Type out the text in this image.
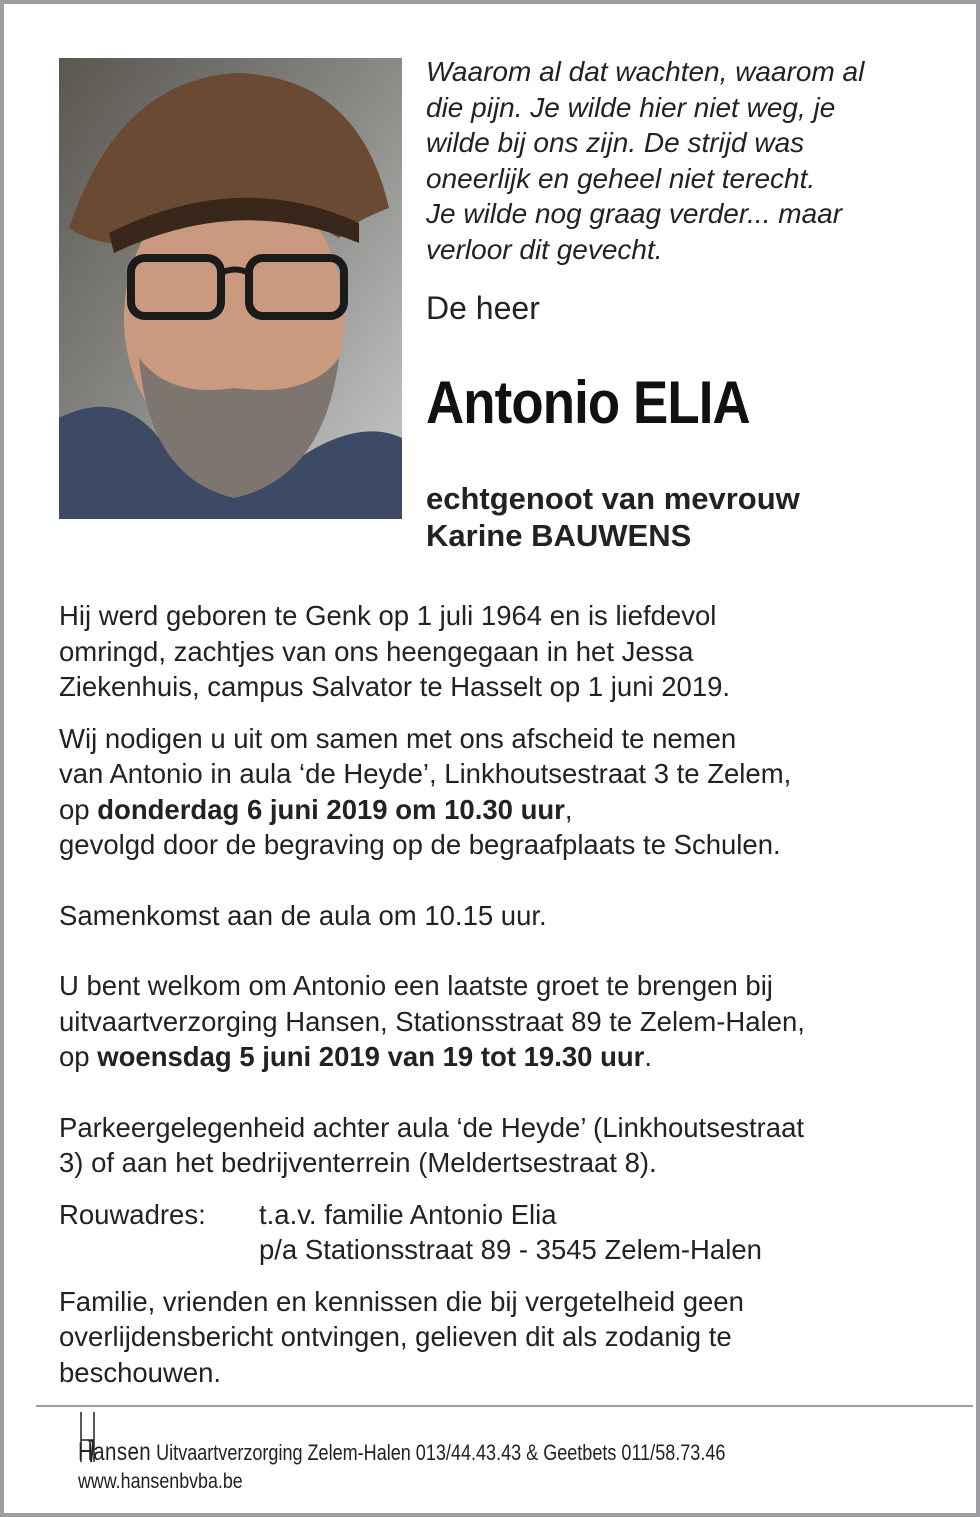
Waarom al dat wachten, waarom al
die pijn. Je wilde hier niet weg, je
wilde bij ons zijn. De strijd was
oneerlijk en geheel niet terecht.
Je wilde nog graag verder... maar
verloor dit gevecht.
De heer
Antonio ELIA
echtgenoot van mevrouw
Karine BAUWENS

Hij werd geboren te Genk op 1 juli 1964 en is liefdevol
omringd, zachtjes van ons heengegaan in het Jessa
Ziekenhuis, campus Salvator te Hasselt op 1 juni 2019.

Wij nodigen u uit om samen met ons afscheid te nemen
van Antonio in aula ‘de Heyde’, Linkhoutsestraat 3 te Zelem,
op donderdag 6 juni 2019 om 10.30 uur,
gevolgd door de begraving op de begraafplaats te Schulen.

Samenkomst aan de aula om 10.15 uur.

U bent welkom om Antonio een laatste groet te brengen bij
uitvaartverzorging Hansen, Stationsstraat 89 te Zelem-Halen,
op woensdag 5 juni 2019 van 19 tot 19.30 uur.

Parkeergelegenheid achter aula ‘de Heyde’ (Linkhoutsestraat
3) of aan het bedrijventerrein (Meldertsestraat 8).

Rouwadres:	t.a.v. familie Antonio Elia
p/a Stationsstraat 89 - 3545 Zelem-Halen

Familie, vrienden en kennissen die bij vergetelheid geen
overlijdensbericht ontvingen, gelieven dit als zodanig te
beschouwen.

Hansen Uitvaartverzorging Zelem-Halen 013/44.43.43 & Geetbets 011/58.73.46
www.hansenbvba.be
